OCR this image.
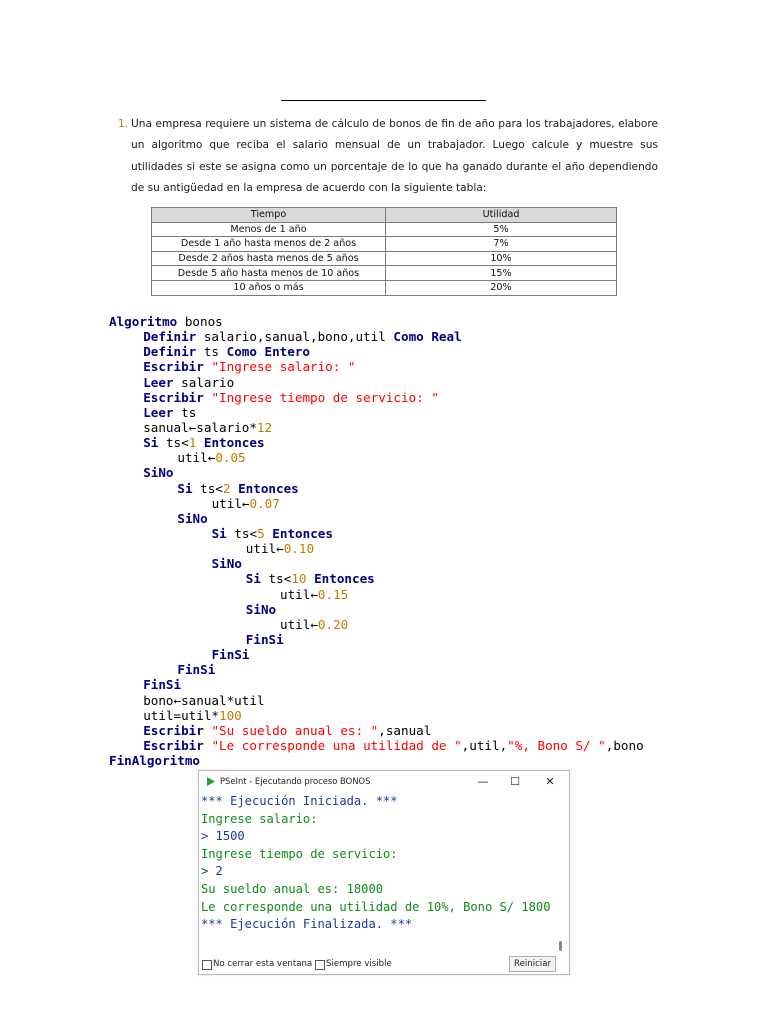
1. Una empresa requiere un sistema de cálculo de bonos de fin de año para los trabajadores, elabore un algoritmo que reciba el salario mensual de un trabajador. Luego calcule y muestre sus utilidades si este se asigna como un porcentaje de lo que ha ganado durante el año dependiendo de su antigüedad en la empresa de acuerdo con la siguiente tabla:
Tiempo	Utilidad
Menos de 1 año	5%
Desde 1 año hasta menos de 2 años	7%
Desde 2 años hasta menos de 5 años	10%
Desde 5 año hasta menos de 10 años	15%
10 años o más	20%
Algoritmo bonos
Definir salario,sanual,bono,util Como Real
Definir ts Como Entero
Escribir "Ingrese salario: "
Leer salario
Escribir "Ingrese tiempo de servicio: "
Leer ts
sanual←salario*12
Si ts<1 Entonces
util←0.05
SiNo
Si ts<2 Entonces
util←0.07
SiNo
Si ts<5 Entonces
util←0.10
SiNo
Si ts<10 Entonces
util←0.15
SiNo
util←0.20
FinSi
FinSi
FinSi
FinSi
bono←sanual*util
util=util*100
Escribir "Su sueldo anual es: ",sanual
Escribir "Le corresponde una utilidad de ",util,"%, Bono S/ ",bono
FinAlgoritmo
PSeInt - Ejecutando proceso BONOS	—	☐	✕
*** Ejecución Iniciada. ***
Ingrese salario:
> 1500
Ingrese tiempo de servicio:
> 2
Su sueldo anual es: 18000
Le corresponde una utilidad de 10%, Bono S/ 1800
*** Ejecución Finalizada. ***
No cerrar esta ventana Siempre visible	Reiniciar
